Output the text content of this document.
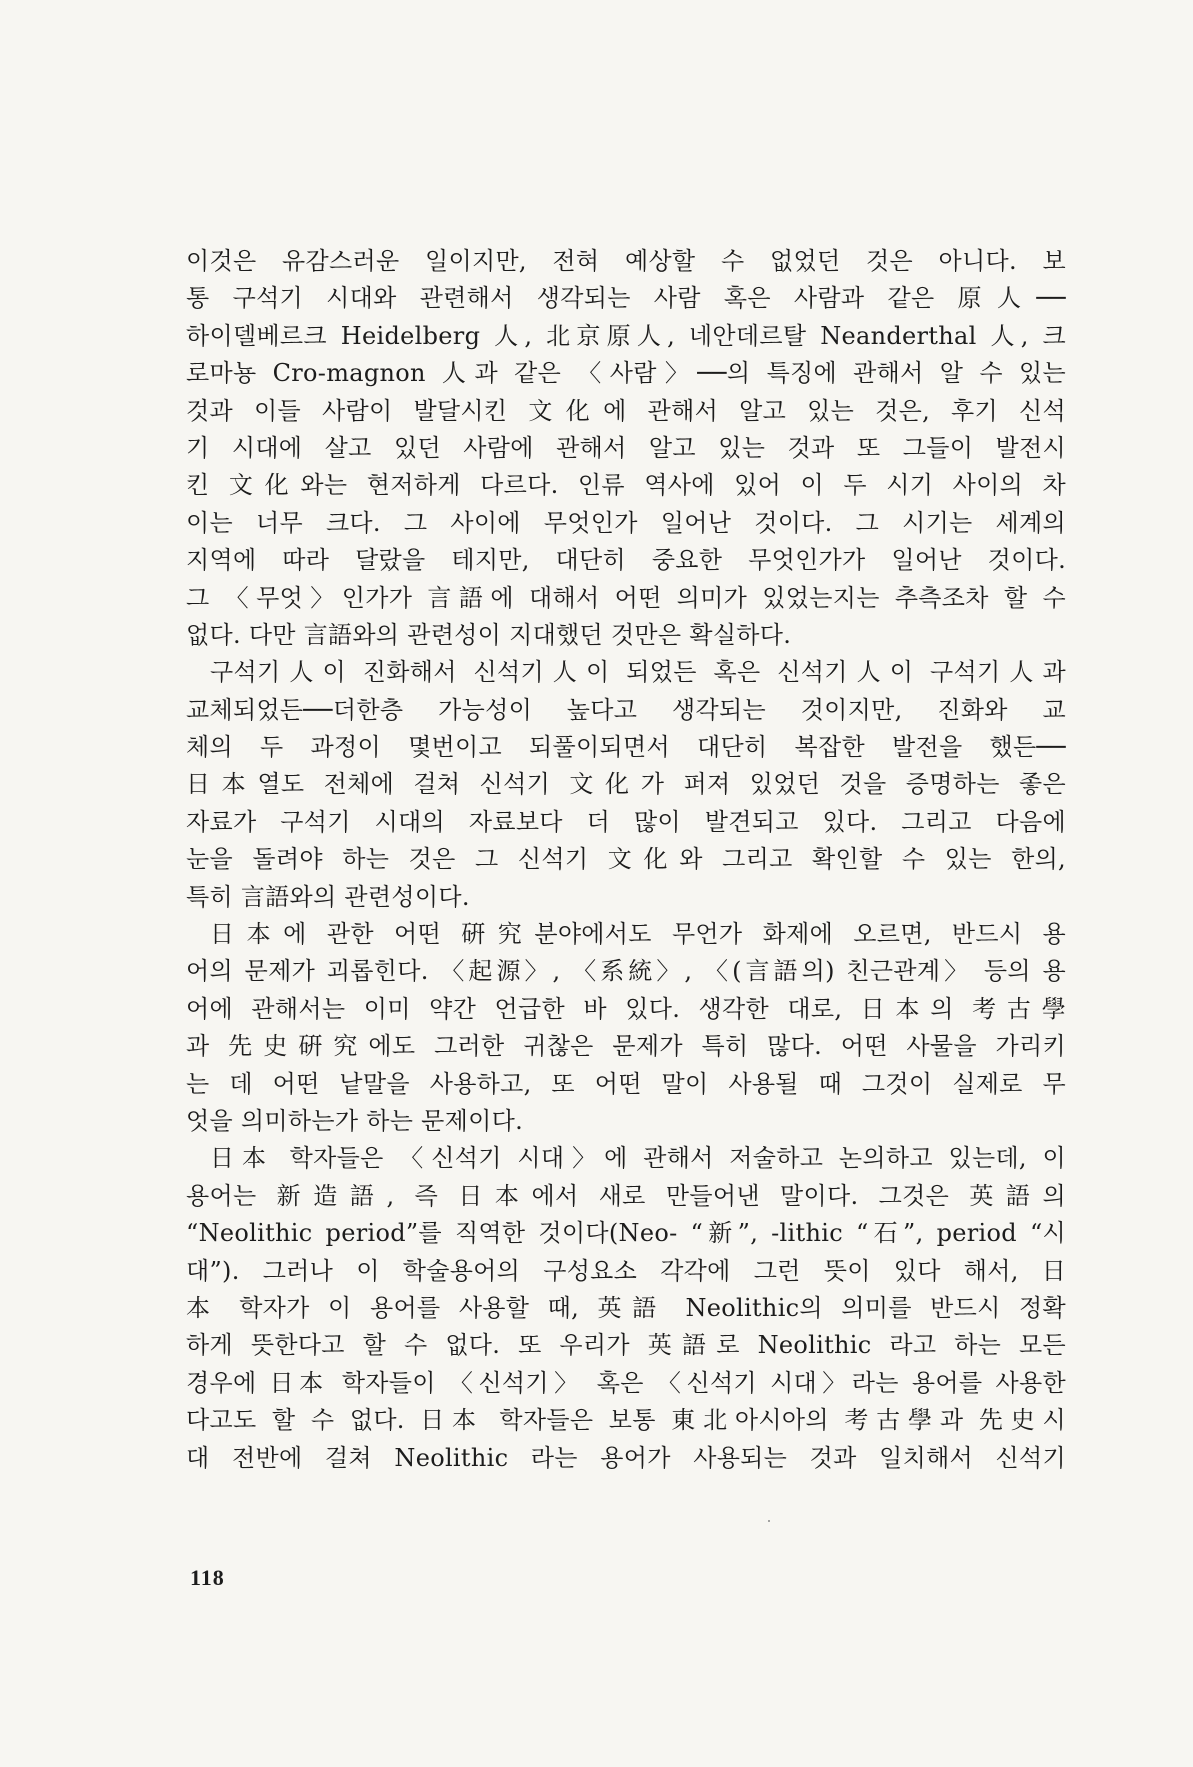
이것은 유감스러운 일이지만, 전혀 예상할 수 없었던 것은 아니다. 보
통 구석기 시대와 관련해서 생각되는 사람 혹은 사람과 같은 原人──
하이델베르크 Heidelberg 人, 北京原人, 네안데르탈 Neanderthal 人, 크
로마뇽 Cro-magnon 人과 같은 〈사람〉──의 특징에 관해서 알 수 있는
것과 이들 사람이 발달시킨 文化에 관해서 알고 있는 것은, 후기 신석
기 시대에 살고 있던 사람에 관해서 알고 있는 것과 또 그들이 발전시
킨 文化와는 현저하게 다르다. 인류 역사에 있어 이 두 시기 사이의 차
이는 너무 크다. 그 사이에 무엇인가 일어난 것이다. 그 시기는 세계의
지역에 따라 달랐을 테지만, 대단히 중요한 무엇인가가 일어난 것이다.
그 〈무엇〉인가가 言語에 대해서 어떤 의미가 있었는지는 추측조차 할 수
없다. 다만 言語와의 관련성이 지대했던 것만은 확실하다.
구석기人이 진화해서 신석기人이 되었든 혹은 신석기人이 구석기人과
교체되었든──더한층 가능성이 높다고 생각되는 것이지만, 진화와 교
체의 두 과정이 몇번이고 되풀이되면서 대단히 복잡한 발전을 했든──
日本열도 전체에 걸쳐 신석기 文化가 퍼져 있었던 것을 증명하는 좋은
자료가 구석기 시대의 자료보다 더 많이 발견되고 있다. 그리고 다음에
눈을 돌려야 하는 것은 그 신석기 文化와 그리고 확인할 수 있는 한의,
특히 言語와의 관련성이다.
日本에 관한 어떤 硏究분야에서도 무언가 화제에 오르면, 반드시 용
어의 문제가 괴롭힌다. 〈起源〉, 〈系統〉, 〈(言語의) 친근관계〉 등의 용
어에 관해서는 이미 약간 언급한 바 있다. 생각한 대로, 日本의 考古學
과 先史硏究에도 그러한 귀찮은 문제가 특히 많다. 어떤 사물을 가리키
는 데 어떤 낱말을 사용하고, 또 어떤 말이 사용될 때 그것이 실제로 무
엇을 의미하는가 하는 문제이다.
日本 학자들은 〈신석기 시대〉에 관해서 저술하고 논의하고 있는데, 이
용어는 新造語, 즉 日本에서 새로 만들어낸 말이다. 그것은 英語의
“Neolithic period”를 직역한 것이다(Neo- “新”, -lithic “石”, period “시
대”). 그러나 이 학술용어의 구성요소 각각에 그런 뜻이 있다 해서, 日
本 학자가 이 용어를 사용할 때, 英語 Neolithic의 의미를 반드시 정확
하게 뜻한다고 할 수 없다. 또 우리가 英語로 Neolithic 라고 하는 모든
경우에 日本 학자들이 〈신석기〉 혹은 〈신석기 시대〉라는 용어를 사용한
다고도 할 수 없다. 日本 학자들은 보통 東北아시아의 考古學과 先史시
대 전반에 걸쳐 Neolithic 라는 용어가 사용되는 것과 일치해서 신석기
118
